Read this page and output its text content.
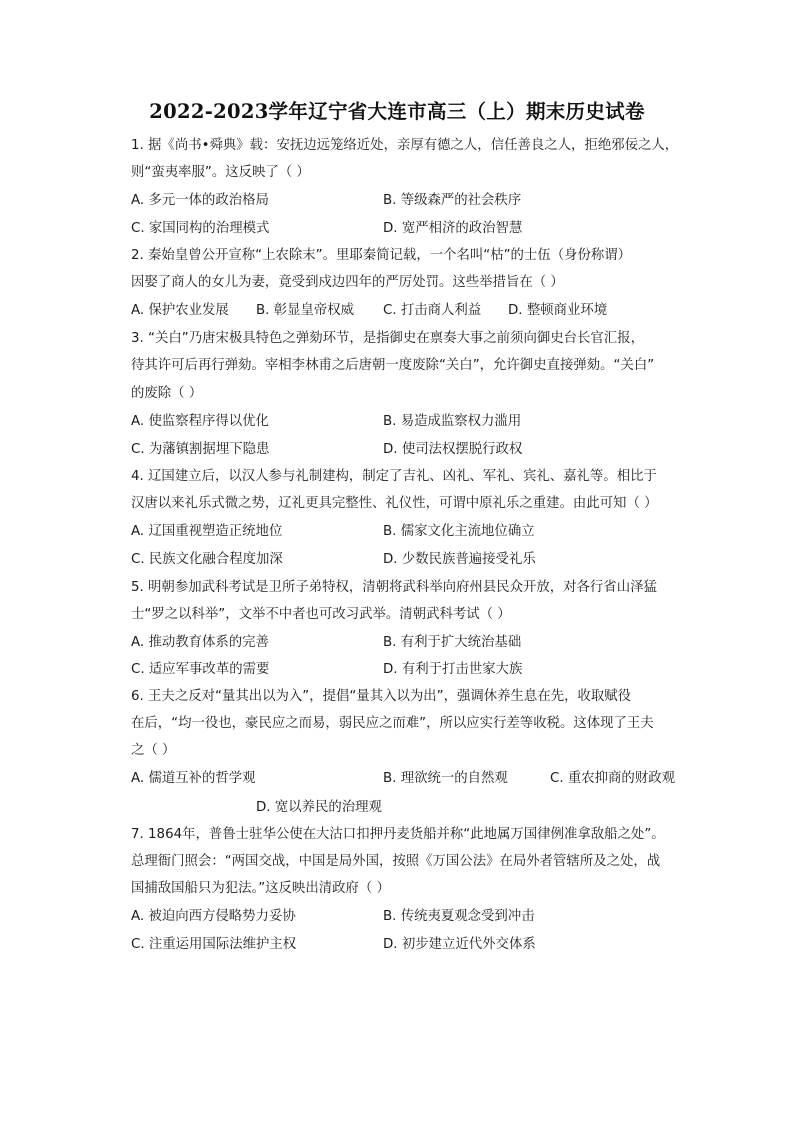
2022-2023学年辽宁省大连市高三（上）期末历史试卷
1. 据《尚书•舜典》载：安抚边远笼络近处，亲厚有德之人，信任善良之人，拒绝邪佞之人，
则“蛮夷率服”。这反映了（ ）
A. 多元一体的政治格局	B. 等级森严的社会秩序
C. 家国同构的治理模式	D. 宽严相济的政治智慧
2. 秦始皇曾公开宣称“上农除末”。里耶秦简记载，一个名叫“枯”的士伍（身份称谓）
因娶了商人的女儿为妻，竟受到戍边四年的严厉处罚。这些举措旨在（ ）
A. 保护农业发展 B. 彰显皇帝权威 C. 打击商人利益 D. 整顿商业环境
3. “关白”乃唐宋极具特色之弹劾环节，是指御史在禀奏大事之前须向御史台长官汇报，
待其许可后再行弹劾。宰相李林甫之后唐朝一度废除“关白”，允许御史直接弹劾。“关白”
的废除（ ）
A. 使监察程序得以优化	B. 易造成监察权力滥用
C. 为藩镇割据埋下隐患	D. 使司法权摆脱行政权
4. 辽国建立后，以汉人参与礼制建构，制定了吉礼、凶礼、军礼、宾礼、嘉礼等。相比于
汉唐以来礼乐式微之势，辽礼更具完整性、礼仪性，可谓中原礼乐之重建。由此可知（ ）
A. 辽国重视塑造正统地位	B. 儒家文化主流地位确立
C. 民族文化融合程度加深	D. 少数民族普遍接受礼乐
5. 明朝参加武科考试是卫所子弟特权，清朝将武科举向府州县民众开放，对各行省山泽猛
士“罗之以科举”，文举不中者也可改习武举。清朝武科考试（ ）
A. 推动教育体系的完善	B. 有利于扩大统治基础
C. 适应军事改革的需要	D. 有利于打击世家大族
6. 王夫之反对“量其出以为入”，提倡“量其入以为出”，强调休养生息在先，收取赋役
在后，“均一役也，豪民应之而易，弱民应之而难”，所以应实行差等收税。这体现了王夫
之（ ）
A. 儒道互补的哲学观	B. 理欲统一的自然观	C. 重农抑商的财政观
D. 宽以养民的治理观
7. 1864年，普鲁士驻华公使在大沽口扣押丹麦货船并称“此地属万国律例准拿敌船之处”。
总理衙门照会：“两国交战，中国是局外国，按照《万国公法》在局外者管辖所及之处，战
国捕敌国船只为犯法。”这反映出清政府（ ）
A. 被迫向西方侵略势力妥协	B. 传统夷夏观念受到冲击
C. 注重运用国际法维护主权	D. 初步建立近代外交体系
